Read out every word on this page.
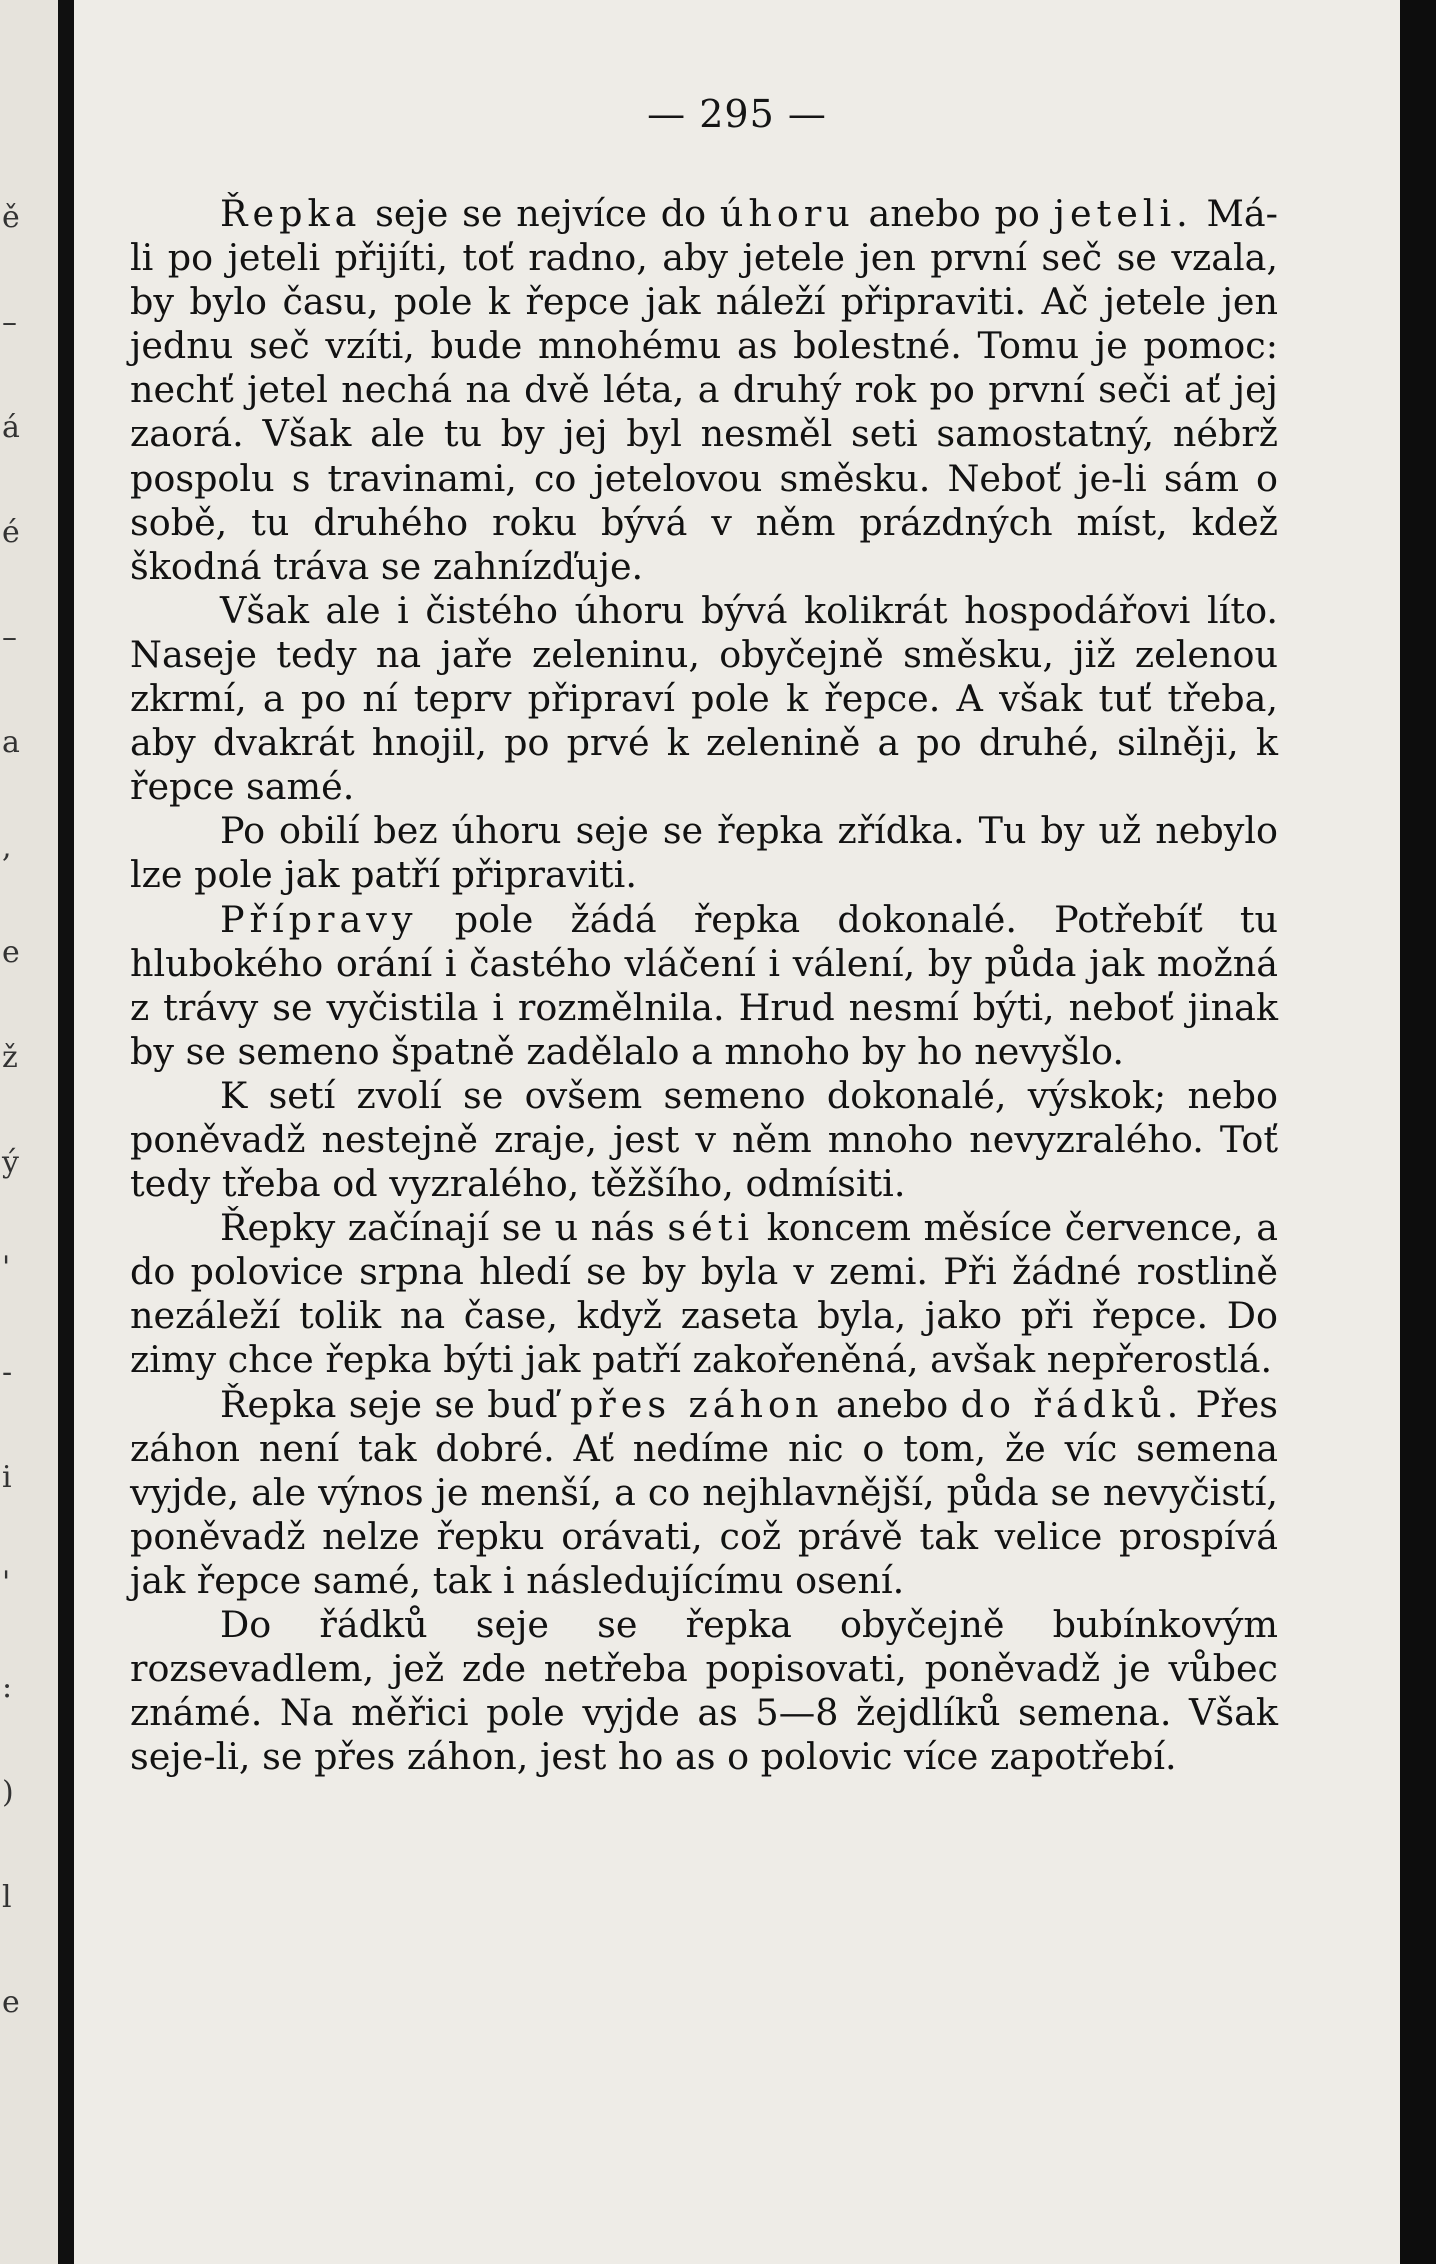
ě
–
á
é
–
a
,
e
ž
ý
'
-
i
'
:
)
l
e
— 295 —

Řepka seje se nejvíce do úhoru anebo po jeteli. Má-li po jeteli přijíti, toť radno, aby jetele jen první seč se vzala, by bylo času, pole k řepce jak náleží připraviti. Ač jetele jen jednu seč vzíti, bude mnohému as bolestné. Tomu je pomoc: nechť jetel nechá na dvě léta, a druhý rok po první seči ať jej zaorá. Však ale tu by jej byl nesměl seti samostatný, nébrž pospolu s travinami, co jetelovou směsku. Neboť je-li sám o sobě, tu druhého roku bývá v něm prázdných míst, kdež škodná tráva se zahnízďuje.

Však ale i čistého úhoru bývá kolikrát hospodářovi líto. Naseje tedy na jaře zeleninu, obyčejně směsku, již zelenou zkrmí, a po ní teprv připraví pole k řepce. A však tuť třeba, aby dvakrát hnojil, po prvé k zelenině a po druhé, silněji, k řepce samé.

Po obilí bez úhoru seje se řepka zřídka. Tu by už nebylo lze pole jak patří připraviti.

Přípravy pole žádá řepka dokonalé. Potřebíť tu hlubokého orání i častého vláčení i válení, by půda jak možná z trávy se vyčistila i rozmělnila. Hrud nesmí býti, neboť jinak by se semeno špatně zadělalo a mnoho by ho nevyšlo.

K setí zvolí se ovšem semeno dokonalé, výskok; nebo poněvadž nestejně zraje, jest v něm mnoho nevyzralého. Toť tedy třeba od vyzralého, těžšího, odmísiti.

Řepky začínají se u nás séti koncem měsíce července, a do polovice srpna hledí se by byla v zemi. Při žádné rostlině nezáleží tolik na čase, když zaseta byla, jako při řepce. Do zimy chce řepka býti jak patří zakořeněná, avšak nepřerostlá.

Řepka seje se buď přes záhon anebo do řádků. Přes záhon není tak dobré. Ať nedíme nic o tom, že víc semena vyjde, ale výnos je menší, a co nejhlavnější, půda se nevyčistí, poněvadž nelze řepku orávati, což právě tak velice prospívá jak řepce samé, tak i následujícímu osení.

Do řádků seje se řepka obyčejně bubínkovým rozsevadlem, jež zde netřeba popisovati, poněvadž je vůbec známé. Na měřici pole vyjde as 5—8 žejdlíků semena. Však seje-li, se přes záhon, jest ho as o polovic více zapotřebí.
